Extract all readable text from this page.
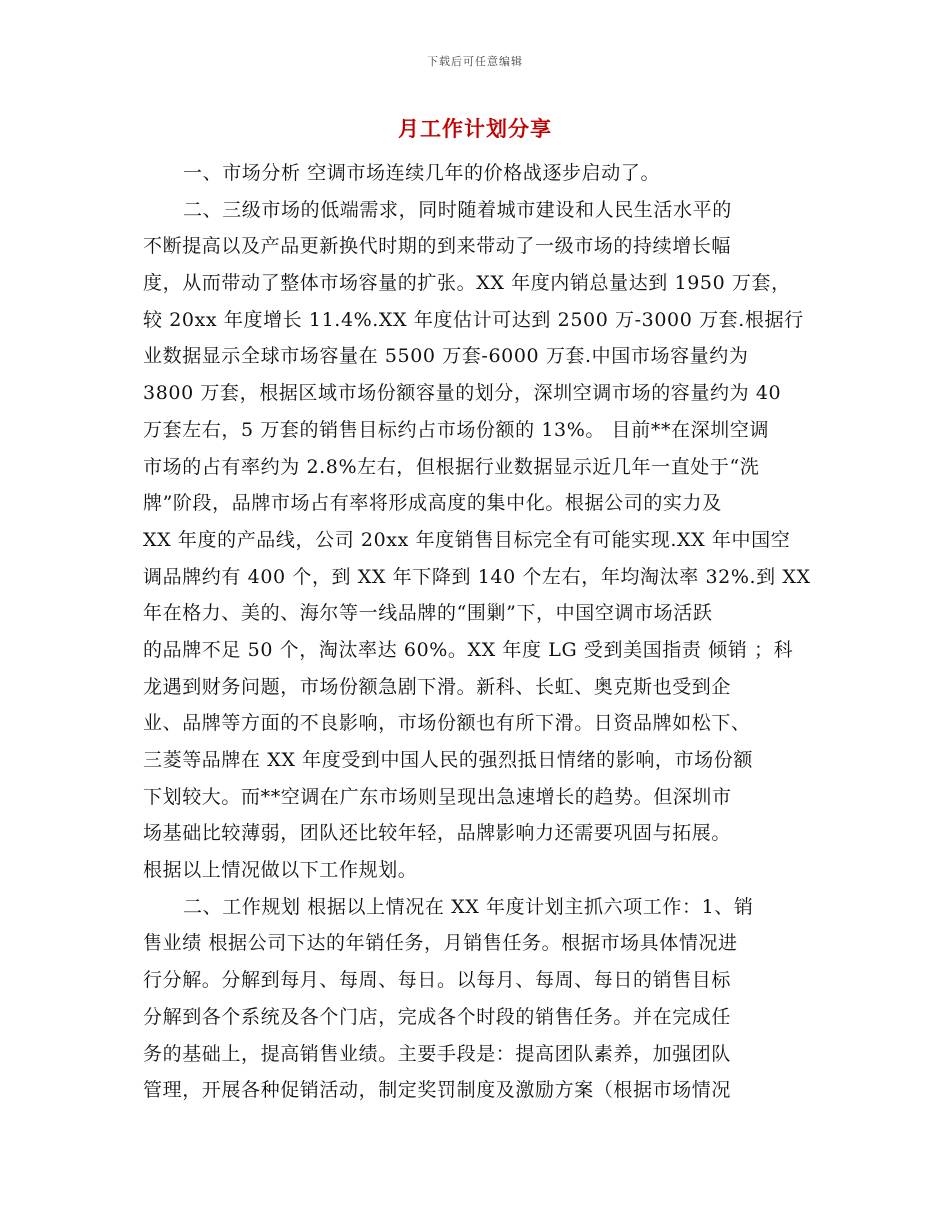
下载后可任意编辑
月工作计划分享
一、市场分析 空调市场连续几年的价格战逐步启动了。
二、三级市场的低端需求，同时随着城市建设和人民生活水平的
不断提高以及产品更新换代时期的到来带动了一级市场的持续增长幅
度，从而带动了整体市场容量的扩张。XX 年度内销总量达到 1950 万套，
较 20xx 年度增长 11.4%.XX 年度估计可达到 2500 万-3000 万套.根据行
业数据显示全球市场容量在 5500 万套-6000 万套.中国市场容量约为
3800 万套，根据区域市场份额容量的划分，深圳空调市场的容量约为 40
万套左右，5 万套的销售目标约占市场份额的 13%。 目前**在深圳空调
市场的占有率约为 2.8%左右，但根据行业数据显示近几年一直处于“洗
牌”阶段，品牌市场占有率将形成高度的集中化。根据公司的实力及
XX 年度的产品线，公司 20xx 年度销售目标完全有可能实现.XX 年中国空
调品牌约有 400 个，到 XX 年下降到 140 个左右，年均淘汰率 32%.到 XX
年在格力、美的、海尔等一线品牌的“围剿”下，中国空调市场活跃
的品牌不足 50 个，淘汰率达 60%。XX 年度 LG 受到美国指责 倾销 ；科
龙遇到财务问题，市场份额急剧下滑。新科、长虹、奥克斯也受到企
业、品牌等方面的不良影响，市场份额也有所下滑。日资品牌如松下、
三菱等品牌在 XX 年度受到中国人民的强烈抵日情绪的影响，市场份额
下划较大。而**空调在广东市场则呈现出急速增长的趋势。但深圳市
场基础比较薄弱，团队还比较年轻，品牌影响力还需要巩固与拓展。
根据以上情况做以下工作规划。
二、工作规划 根据以上情况在 XX 年度计划主抓六项工作：1、销
售业绩 根据公司下达的年销任务，月销售任务。根据市场具体情况进
行分解。分解到每月、每周、每日。以每月、每周、每日的销售目标
分解到各个系统及各个门店，完成各个时段的销售任务。并在完成任
务的基础上，提高销售业绩。主要手段是：提高团队素养，加强团队
管理，开展各种促销活动，制定奖罚制度及激励方案（根据市场情况
